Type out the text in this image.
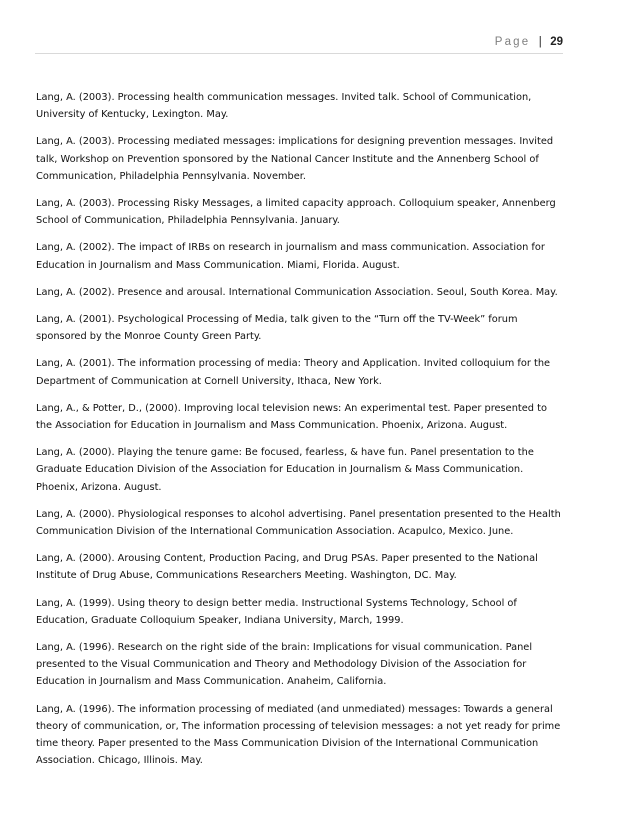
Page | 29

Lang, A. (2003). Processing health communication messages. Invited talk. School of Communication, University of Kentucky, Lexington. May.

Lang, A. (2003). Processing mediated messages: implications for designing prevention messages. Invited talk, Workshop on Prevention sponsored by the National Cancer Institute and the Annenberg School of Communication, Philadelphia Pennsylvania. November.

Lang, A. (2003). Processing Risky Messages, a limited capacity approach. Colloquium speaker, Annenberg School of Communication, Philadelphia Pennsylvania. January.

Lang, A. (2002). The impact of IRBs on research in journalism and mass communication. Association for Education in Journalism and Mass Communication. Miami, Florida. August.

Lang, A. (2002). Presence and arousal. International Communication Association. Seoul, South Korea. May.

Lang, A. (2001). Psychological Processing of Media, talk given to the “Turn off the TV-Week” forum sponsored by the Monroe County Green Party.

Lang, A. (2001). The information processing of media: Theory and Application. Invited colloquium for the Department of Communication at Cornell University, Ithaca, New York.

Lang, A., & Potter, D., (2000). Improving local television news: An experimental test. Paper presented to the Association for Education in Journalism and Mass Communication. Phoenix, Arizona. August.

Lang, A. (2000). Playing the tenure game: Be focused, fearless, & have fun. Panel presentation to the Graduate Education Division of the Association for Education in Journalism & Mass Communication. Phoenix, Arizona. August.

Lang, A. (2000). Physiological responses to alcohol advertising. Panel presentation presented to the Health Communication Division of the International Communication Association. Acapulco, Mexico. June.

Lang, A. (2000). Arousing Content, Production Pacing, and Drug PSAs. Paper presented to the National Institute of Drug Abuse, Communications Researchers Meeting. Washington, DC. May.

Lang, A. (1999). Using theory to design better media. Instructional Systems Technology, School of Education, Graduate Colloquium Speaker, Indiana University, March, 1999.

Lang, A. (1996). Research on the right side of the brain: Implications for visual communication. Panel presented to the Visual Communication and Theory and Methodology Division of the Association for Education in Journalism and Mass Communication. Anaheim, California.

Lang, A. (1996). The information processing of mediated (and unmediated) messages: Towards a general theory of communication, or, The information processing of television messages: a not yet ready for prime time theory. Paper presented to the Mass Communication Division of the International Communication Association. Chicago, Illinois. May.
